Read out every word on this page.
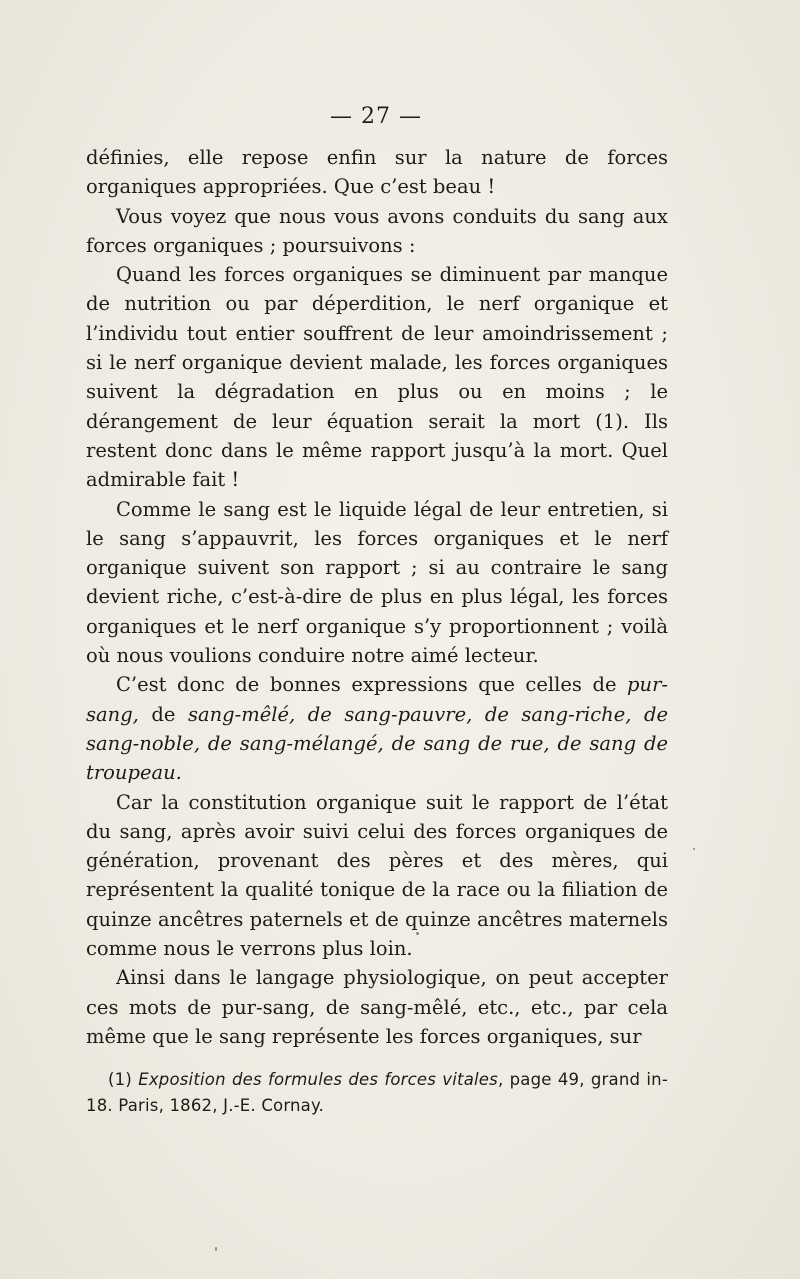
— 27 —

définies, elle repose enfin sur la nature de forces organiques appropriées. Que c’est beau !

Vous voyez que nous vous avons conduits du sang aux forces organiques ; poursuivons :

Quand les forces organiques se diminuent par manque de nutrition ou par déperdition, le nerf organique et l’individu tout entier souffrent de leur amoindrissement ; si le nerf organique devient malade, les forces organiques suivent la dégradation en plus ou en moins ; le dérangement de leur équation serait la mort (1). Ils restent donc dans le même rapport jusqu’à la mort. Quel admirable fait !

Comme le sang est le liquide légal de leur entretien, si le sang s’appauvrit, les forces organiques et le nerf organique suivent son rapport ; si au contraire le sang devient riche, c’est-à-dire de plus en plus légal, les forces organiques et le nerf organique s’y proportionnent ; voilà où nous voulions conduire notre aimé lecteur.

C’est donc de bonnes expressions que celles de pur-sang, de sang-mêlé, de sang-pauvre, de sang-riche, de sang-noble, de sang-mélangé, de sang de rue, de sang de troupeau.

Car la constitution organique suit le rapport de l’état du sang, après avoir suivi celui des forces organiques de génération, provenant des pères et des mères, qui représentent la qualité tonique de la race ou la filiation de quinze ancêtres paternels et de quinze ancêtres maternels comme nous le verrons plus loin.

Ainsi dans le langage physiologique, on peut accepter ces mots de pur-sang, de sang-mêlé, etc., etc., par cela même que le sang représente les forces organiques, sur

(1) Exposition des formules des forces vitales, page 49, grand in-18. Paris, 1862, J.-E. Cornay.
